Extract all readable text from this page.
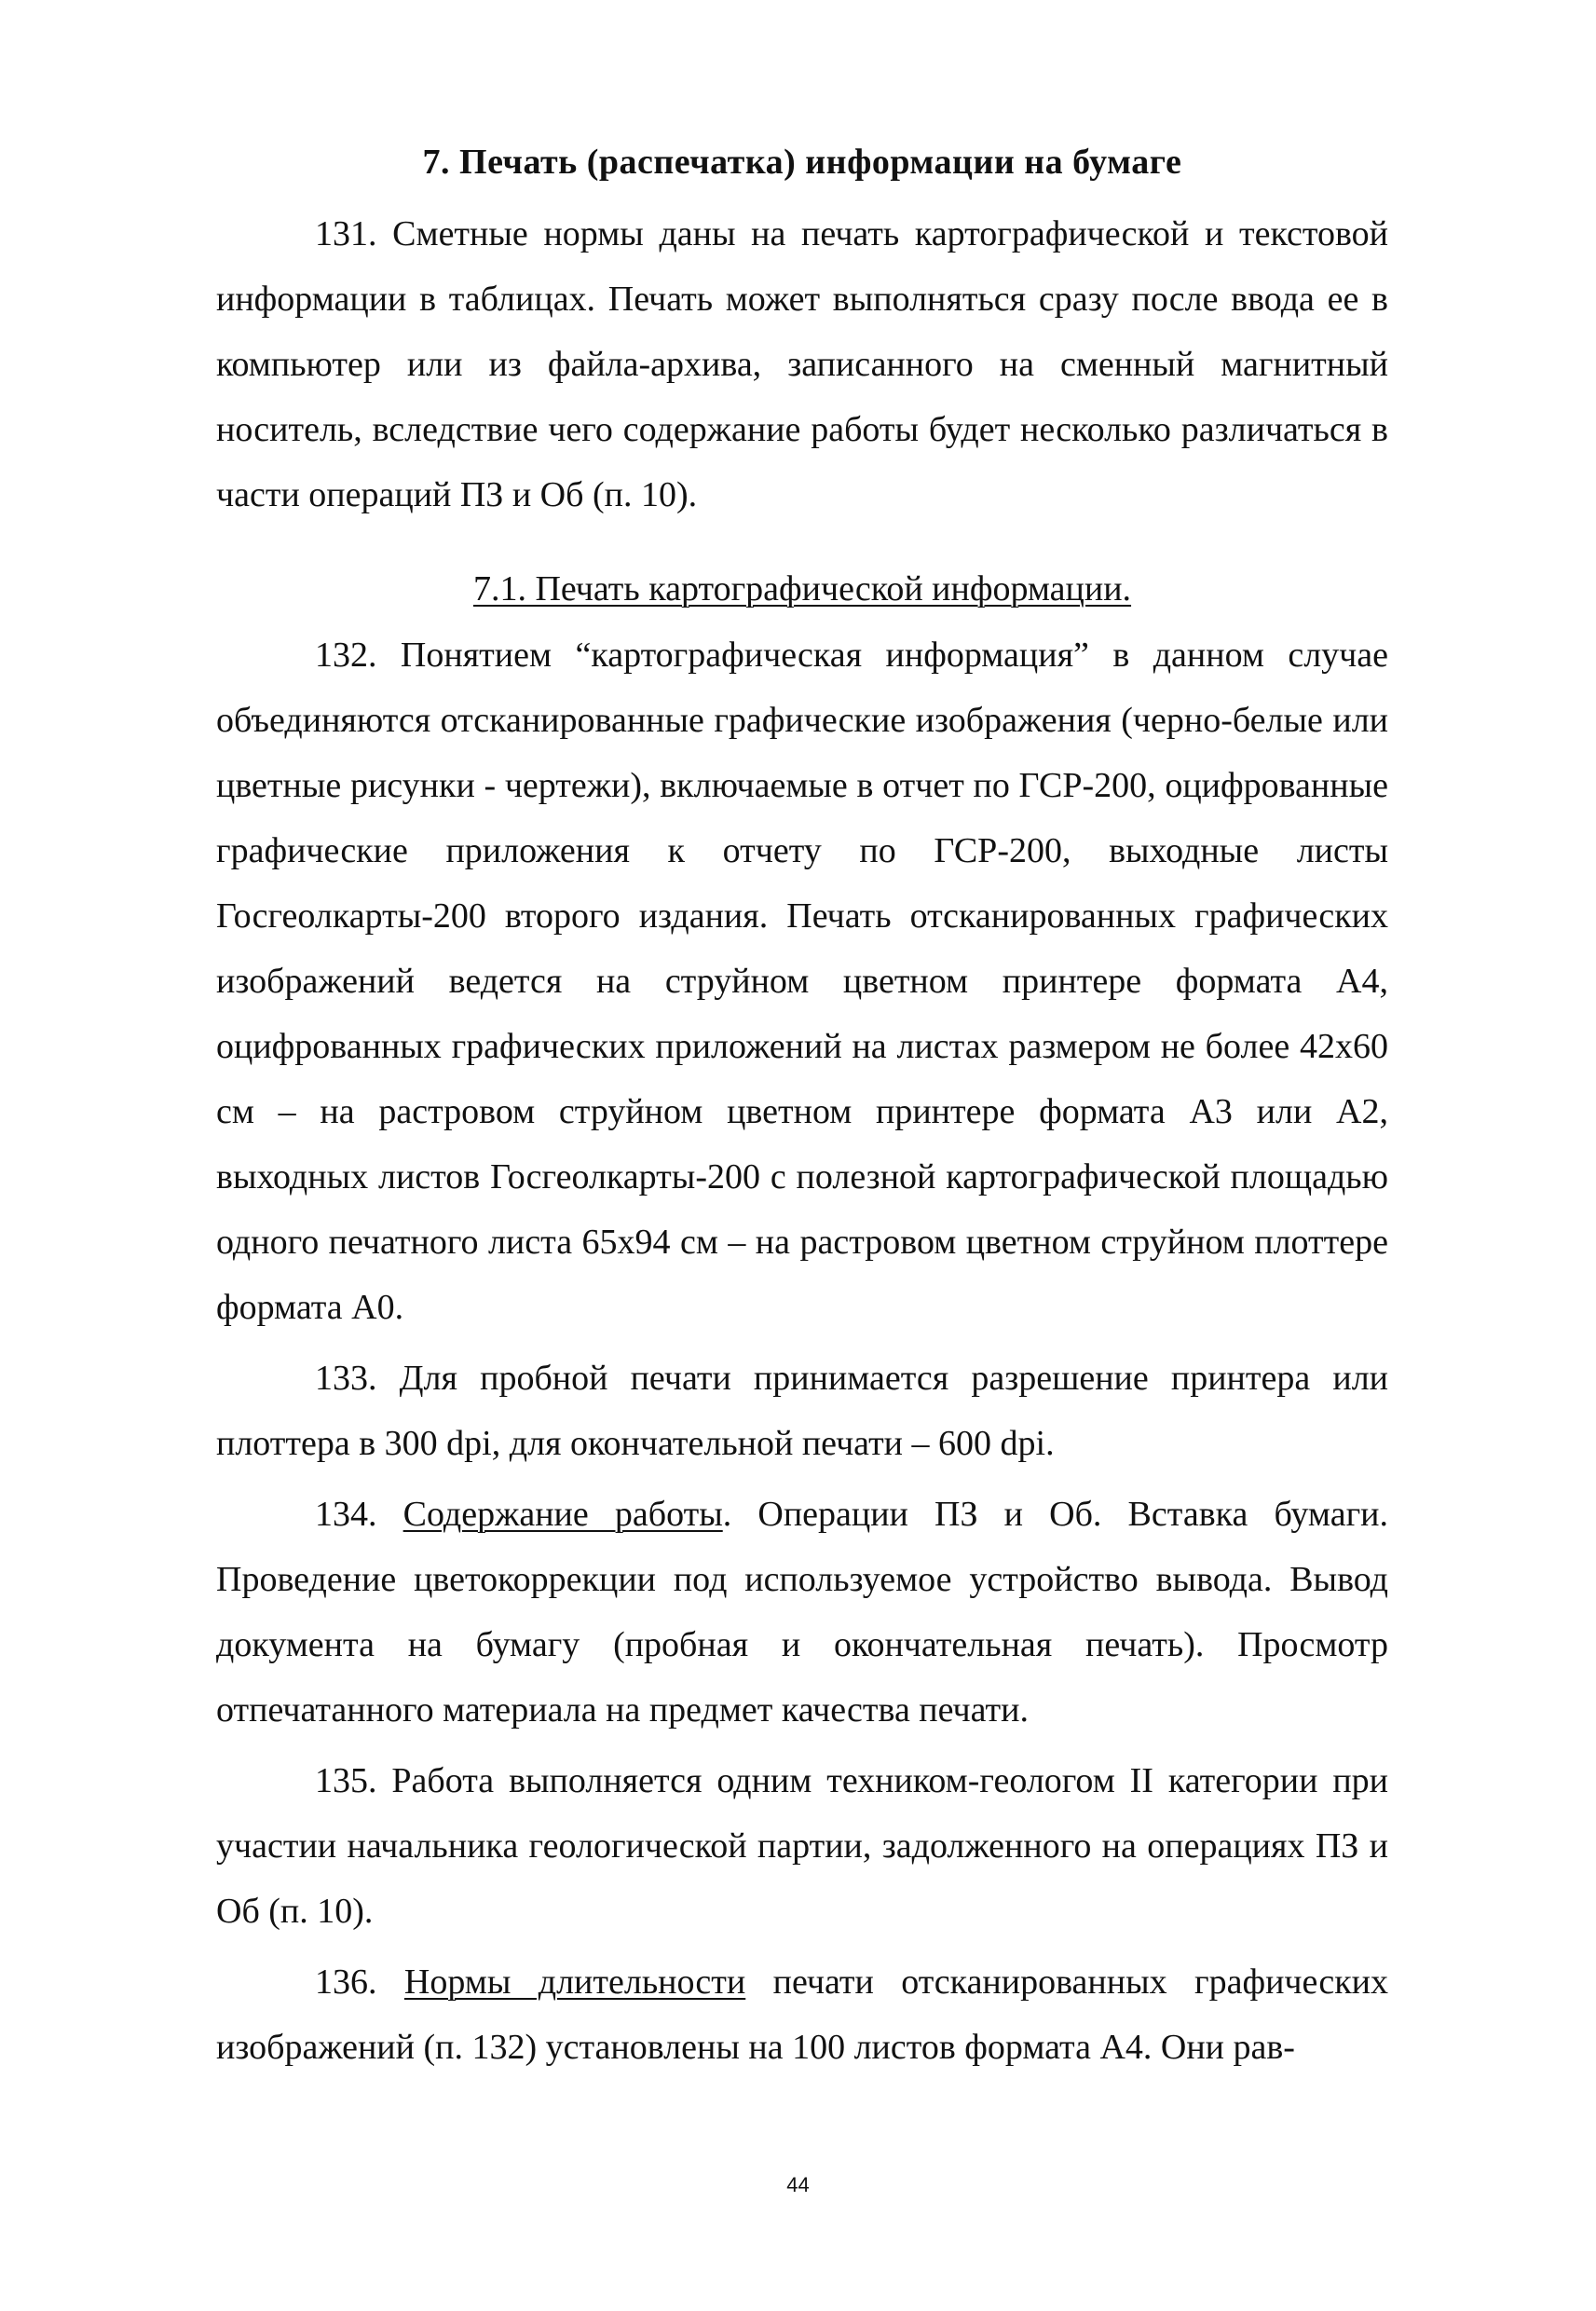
7. Печать (распечатка) информации на бумаге

131. Сметные нормы даны на печать картографической и текстовой информации в таблицах. Печать может выполняться сразу после ввода ее в компьютер или из файла-архива, записанного на сменный магнитный носитель, вследствие чего содержание работы будет несколько различаться в части операций ПЗ и Об (п. 10).

7.1. Печать картографической информации.

132. Понятием “картографическая информация” в данном случае объединяются отсканированные графические изображения (черно-белые или цветные рисунки - чертежи), включаемые в отчет по ГСР-200, оцифрованные графические приложения к отчету по ГСР-200, выходные листы Госгеолкарты-200 второго издания. Печать отсканированных графических изображений ведется на струйном цветном принтере формата А4, оцифрованных графических приложений на листах размером не более 42х60 см – на растровом струйном цветном принтере формата А3 или А2, выходных листов Госгеолкарты-200 с полезной картографической площадью одного печатного листа 65х94 см – на растровом цветном струйном плоттере формата А0.

133. Для пробной печати принимается разрешение принтера или плоттера в 300 dpi, для окончательной печати – 600 dpi.

134. Содержание работы. Операции ПЗ и Об. Вставка бумаги. Проведение цветокоррекции под используемое устройство вывода. Вывод документа на бумагу (пробная и окончательная печать). Просмотр отпечатанного материала на предмет качества печати.

135. Работа выполняется одним техником-геологом II категории при участии начальника геологической партии, задолженного на операциях ПЗ и Об (п. 10).

136. Нормы длительности печати отсканированных графических изображений (п. 132) установлены на 100 листов формата А4. Они рав-

44
